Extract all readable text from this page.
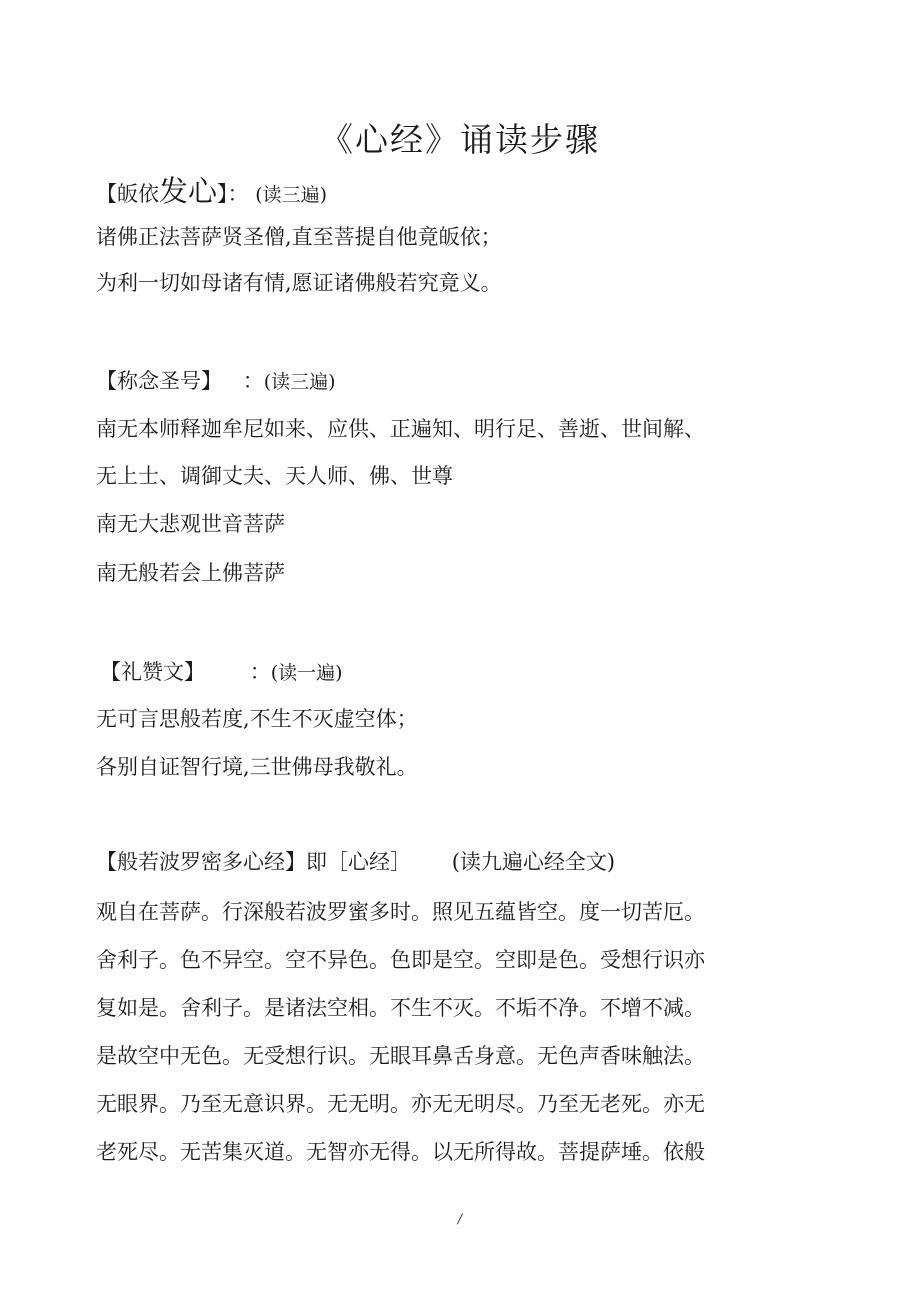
《心经》诵读步骤
【皈依发心】： (读三遍)
诸佛正法菩萨贤圣僧,直至菩提自他竟皈依；
为利一切如母诸有情,愿证诸佛般若究竟义。
【称念圣号】 ：(读三遍)
南无本师释迦牟尼如来、应供、正遍知、明行足、善逝、世间解、
无上士、调御丈夫、天人师、佛、世尊
南无大悲观世音菩萨
南无般若会上佛菩萨
【礼赞文】 ：(读一遍)
无可言思般若度,不生不灭虚空体；
各别自证智行境,三世佛母我敬礼。
【般若波罗密多心经】即［心经］ (读九遍心经全文)
观自在菩萨。行深般若波罗蜜多时。照见五蕴皆空。度一切苦厄。
舍利子。色不异空。空不异色。色即是空。空即是色。受想行识亦
复如是。舍利子。是诸法空相。不生不灭。不垢不净。不增不减。
是故空中无色。无受想行识。无眼耳鼻舌身意。无色声香味触法。
无眼界。乃至无意识界。无无明。亦无无明尽。乃至无老死。亦无
老死尽。无苦集灭道。无智亦无得。以无所得故。菩提萨埵。依般
/
